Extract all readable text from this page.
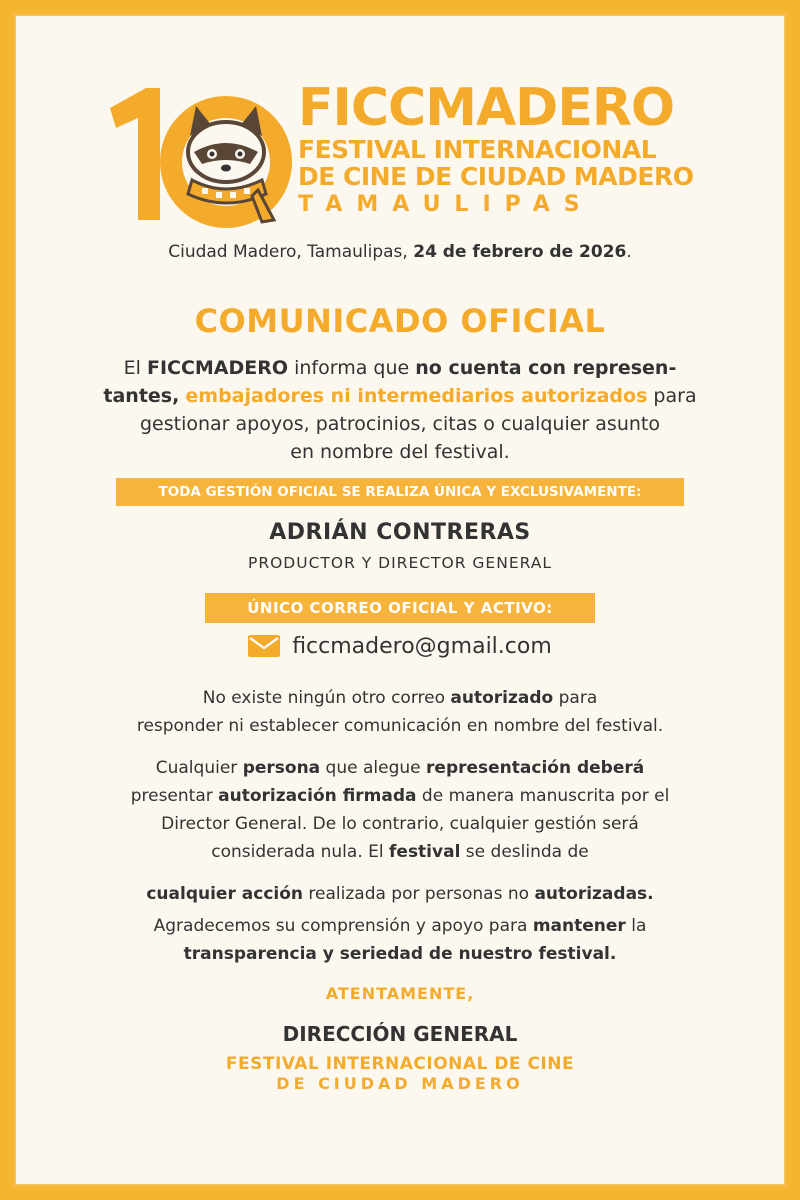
FICCMADERO
FESTIVAL INTERNACIONAL
DE CINE DE CIUDAD MADERO
TAMAULIPAS
Ciudad Madero, Tamaulipas, 24 de febrero de 2026.
COMUNICADO OFICIAL
El FICCMADERO informa que no cuenta con represen-
tantes, embajadores ni intermediarios autorizados para
gestionar apoyos, patrocinios, citas o cualquier asunto
en nombre del festival.
TODA GESTIÓN OFICIAL SE REALIZA ÚNICA Y EXCLUSIVAMENTE:
ADRIÁN CONTRERAS
PRODUCTOR Y DIRECTOR GENERAL
ÚNICO CORREO OFICIAL Y ACTIVO:
ficcmadero@gmail.com
No existe ningún otro correo autorizado para
responder ni establecer comunicación en nombre del festival.
Cualquier persona que alegue representación deberá
presentar autorización firmada de manera manuscrita por el
Director General. De lo contrario, cualquier gestión será
considerada nula. El festival se deslinda de
cualquier acción realizada por personas no autorizadas.
Agradecemos su comprensión y apoyo para mantener la
transparencia y seriedad de nuestro festival.
ATENTAMENTE,
DIRECCIÓN GENERAL
FESTIVAL INTERNACIONAL DE CINE
DE CIUDAD MADERO
